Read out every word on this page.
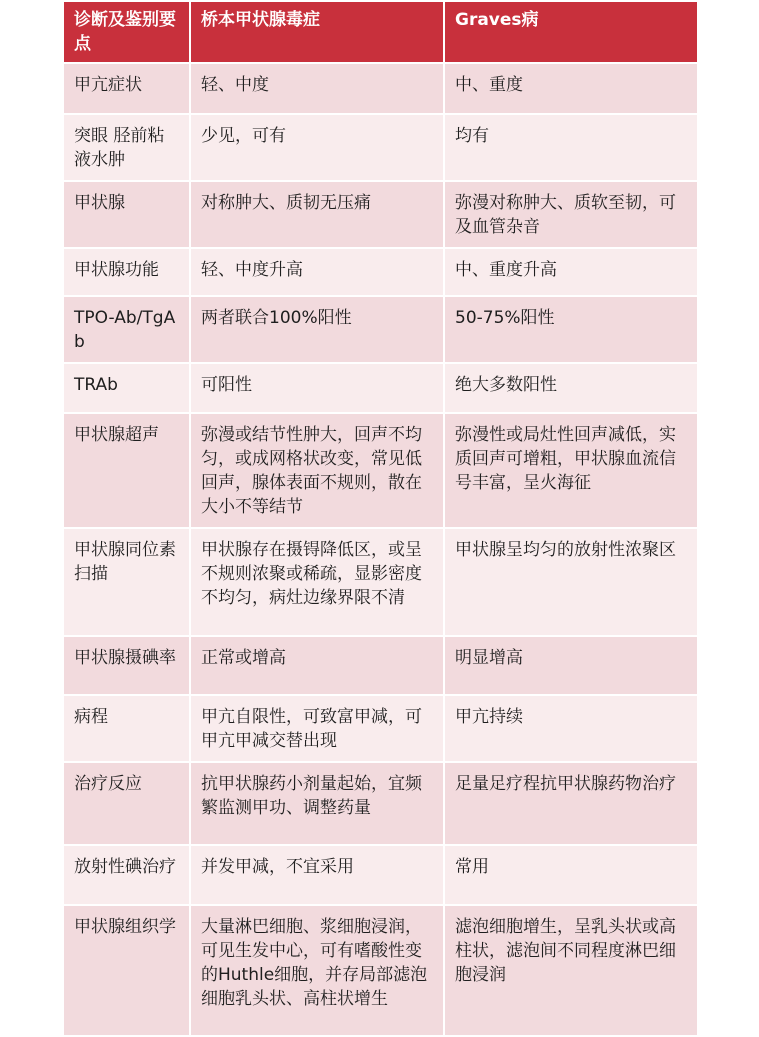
诊断及鉴别要点	桥本甲状腺毒症	Graves病
甲亢症状	轻、中度	中、重度
突眼 胫前粘液水肿	少见，可有	均有
甲状腺	对称肿大、质韧无压痛	弥漫对称肿大、质软至韧，可及血管杂音
甲状腺功能	轻、中度升高	中、重度升高
TPO-Ab/TgAb	两者联合100%阳性	50-75%阳性
TRAb	可阳性	绝大多数阳性
甲状腺超声	弥漫或结节性肿大，回声不均匀，或成网格状改变，常见低回声，腺体表面不规则，散在大小不等结节	弥漫性或局灶性回声减低，实质回声可增粗，甲状腺血流信号丰富，呈火海征
甲状腺同位素扫描	甲状腺存在摄锝降低区，或呈不规则浓聚或稀疏，显影密度不均匀，病灶边缘界限不清	甲状腺呈均匀的放射性浓聚区
甲状腺摄碘率	正常或增高	明显增高
病程	甲亢自限性，可致富甲减，可甲亢甲减交替出现	甲亢持续
治疗反应	抗甲状腺药小剂量起始，宜频繁监测甲功、调整药量	足量足疗程抗甲状腺药物治疗
放射性碘治疗	并发甲减，不宜采用	常用
甲状腺组织学	大量淋巴细胞、浆细胞浸润，可见生发中心，可有嗜酸性变的Huthle细胞，并存局部滤泡细胞乳头状、高柱状增生	滤泡细胞增生，呈乳头状或高柱状，滤泡间不同程度淋巴细胞浸润
